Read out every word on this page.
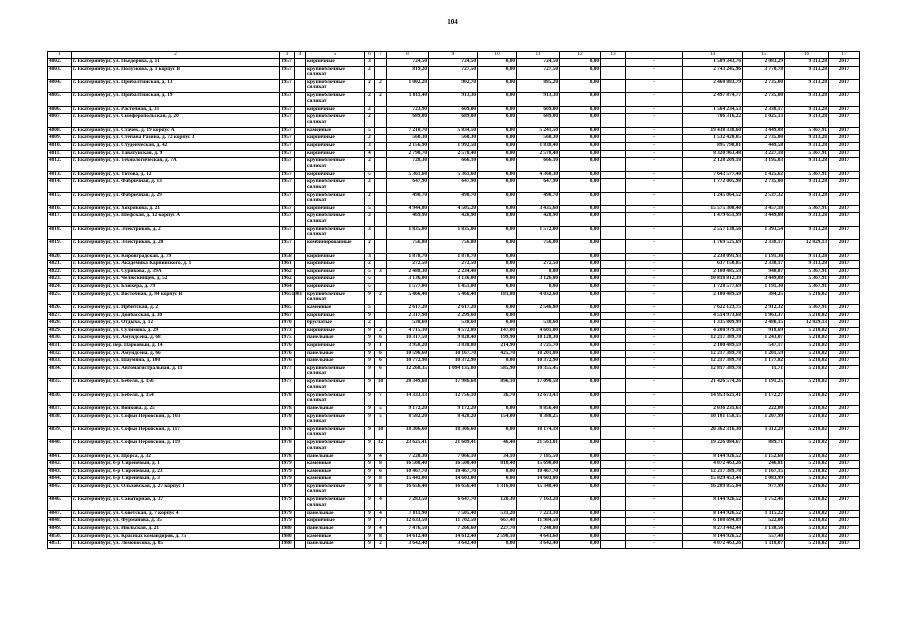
104
1	2	3	4	5	6	7	8	9	10	11	12	13		14	15	16	17
4802.	г. Екатеринбург, ул. Пьедорова, д. 11	1957		кирпичные	3		724,50	724,50	0,00	724,50	0,00		-	1 509 343,76	2 083,29	9 313,28	2017
4803.	г. Екатеринбург, ул. Полуэкова, д. 1 корпус В	1957		крупноблочные силикат	2		819,20	727,50	0,00	727,50	0,00		-	2 743 245,96	3 770,78	9 313,28	2017
4804.	г. Екатеринбург, ул. Прибалтийская, д. 13	1957		крупноблочные силикат	2	2	1 002,20	902,70	0,00	885,20	0,00		-	2 468 883,79	2 735,00	9 313,28	2017
4805.	г. Екатеринбург, ул. Прибалтийская, д. 19	1957		крупноблочные силикат	2	2	1 011,40	913,30	0,00	913,30	0,00		-	2 497 874,77	2 735,00	9 313,28	2017
4806.	г. Екатеринбург, ул. Расточная, д. 31	1957		кирпичные	2		723,90	669,00	0,00	669,00	0,00		-	1 564 234,53	2 338,17	9 313,28	2017
4807.	г. Екатеринбург, ул. Симферопольская, д. 20	1957		крупноблочные силикат	2		689,00	689,00	0,00	689,00	0,00		-	706 316,22	1 025,13	9 313,28	2017
4808.	г. Екатеринбург, ул. Стачек, д. 19 корпус А	1957		каменные	5		7 218,70	5 834,50	0,00	5 241,50	0,00		-	19 438 338,60	3 449,88	5 367,91	2017
4809.	г. Екатеринбург, ул. Степана Разина, д. 72 корпус 3	1957		кирпичные	2		560,30	560,30	0,00	560,30	0,00		-	1 532 420,05	2 735,00	9 313,28	2017
4810.	г. Екатеринбург, ул. Студенческая, д. 42	1957		кирпичные	3		2 156,90	1 992,50	0,00	1 838,40	0,00		-	895 798,01	449,58	9 313,28	2017
4811.	г. Екатеринбург, ул. Таватуйская, д. 9	1957		кирпичные	4		2 790,70	2 578,40	0,00	2 578,40	0,00		-	8 320 963,48	3 227,18	5 367,91	2017
4812.	г. Екатеринбург, ул. Технологическая, д. 7А	1957		крупноблочные силикат	2		728,30	666,10	0,00	666,10	0,00		-	2 128 209,18	3 195,03	9 313,28	2017
4813.	г. Екатеринбург, ул. Титова, д. 12	1957		кирпичные	5		5 361,60	5 361,60	0,00	4 360,30	0,00		-	7 643 577,40	1 425,62	5 367,91	2017
4814.	г. Екатеринбург, ул. Фабричная, д. 13	1957		крупноблочные силикат	2		647,90	647,90	0,00	647,90	0,00		-	1 772 005,98	2 735,00	9 313,28	2017
4815.	г. Екатеринбург, ул. Фабричная, д. 29	1957		крупноблочные силикат	2		490,70	490,70	0,00	490,70	0,00		-	1 245 064,52	2 537,32	9 313,28	2017
4816.	г. Екатеринбург, ул. Хохрякова, д. 21	1957		кирпичные	5		4 944,80	4 505,20	0,00	3 435,60	0,00		-	15 575 300,40	3 457,18	5 367,91	2017
4817.	г. Екатеринбург, ул. Шефская, д. 12 корпус А	1957		крупноблочные силикат	2		469,90	428,90	0,00	428,90	0,00		-	1 479 651,99	3 449,88	9 313,28	2017
4818.	г. Екатеринбург, ул. Электриков, д. 2	1957		крупноблочные силикат	3		1 835,00	1 835,00	0,00	1 572,00	0,00		-	2 557 138,56	1 393,54	9 313,28	2017
4819.	г. Екатеринбург, ул. Электриков, д. 20	1957		комбинированные	2		756,80	756,80	0,00	756,80	0,00		-	1 769 525,69	2 338,17	12 829,13	2017
4820.	г. Екатеринбург, ул. Кировградская, д. 79	1958		кирпичные	3		1 878,70	1 878,70	0,00		0,00		-	2 238 091,93	1 191,30	9 313,28	2017
4821.	г. Екатеринбург, ул. Академика Карпинского, д. 1	1961		кирпичные	2		272,50	272,50	0,00	272,50	0,00		-	637 150,85	2 338,17	9 313,28	2017
4822.	г. Екатеринбург, ул. Сурикова, д. 39А	1962		кирпичные	5	3	2 488,30	2 234,40	0,00	0,00	0,00		-	2 100 485,59	940,07	5 367,91	2017
4823.	г. Екатеринбург, ул. Челюскинцев, д. 52	1962		кирпичные	5		3 136,00	3 136,00	0,00	3 126,00	0,00		-	10 818 812,39	3 449,88	5 367,91	2017
4824.	г. Екатеринбург, ул. Блюхера, д. 79	1964		кирпичные	5		1 577,00	1 451,00	0,00	0,00	0,00		-	1 728 577,69	1 191,30	5 367,91	2017
4825.	г. Екатеринбург, ул. Восточная, д. 84 корпус В	19651981		крупноблочные силикат	9	2	5 466,40	5 466,40	181,80	4 032,60	0,00		-	2 100 489,59	384,25	5 218,02	2017
4826.	г. Екатеринбург, ул. Ирбитская, д. 2	1965		каменные	5		2 617,20	2 617,20	0,00	2 546,80	0,00		-	7 622 123,75	2 912,32	5 367,91	2017
4827.	г. Екатеринбург, ул. Донбасская, д. 30	1967		кирпичные	9		2 317,90	2 299,60	0,00		0,00		-	4 514 973,68	1 963,37	5 218,02	2017
4828.	г. Екатеринбург, ул. Отдыха, д. 12	1970		брусчатые	2		538,60	538,60	0,00	538,60	0,00		-	1 335 809,99	2 480,15	12 829,13	2017
4829.	г. Екатеринбург, ул. Сулимова, д. 29	1973		кирпичные	9	2	4 715,10	4 572,80	147,00	4 601,00	0,00		-	4 200 979,18	918,69	5 218,02	2017
4830.	г. Екатеринбург, ул. Амундсена, д. 68	1975		панельные	9	6	10 317,50	9 828,40	199,90	10 128,30	0,00		-	12 217 389,78	1 243,07	5 218,02	2017
4831.	г. Екатеринбург, пер. Парковый, д. 14	1976		кирпичные	9	1	3 958,20	3 838,80	214,90	3 725,70	0,00		-	2 100 489,59	547,17	5 218,02	2017
4832.	г. Екатеринбург, ул. Амундсена, д. 66	1976		панельные	9	6	10 596,60	10 167,70	425,70	10 201,80	0,00		-	12 217 389,78	1 201,59	5 218,02	2017
4833.	г. Екатеринбург, ул. Шаумяна, д. 100	1976		панельные	9	6	10 772,90	10 372,90	0,00	10 372,90	0,00		-	12 217 389,78	1 177,82	5 218,02	2017
4834.	г. Екатеринбург, ул. Автомагистральная, д. 11	1977		крупноблочные силикат	9	6	12 268,35	1 094 135,00	585,90	10 355,45	0,00		-	12 817 389,78	11,71	5 218,02	2017
4835.	г. Екатеринбург, ул. Бебеля, д. 156	1977		крупноблочные силикат	9	10	20 349,68	17 986,68	896,10	17 090,58	0,00		-	21 426 574,26	1 191,25	5 218,02	2017
4836.	г. Екатеринбург, ул. Бебеля, д. 154	1978		крупноблочные силикат	9	7	14 333,13	12 756,10	36,70	12 673,43	0,00		-	14 953 621,41	1 172,27	5 218,02	2017
4837.	г. Екатеринбург, ул. Войкова, д. 25	1978		панельные	9	5	9 172,20	9 172,20	0,00	8 856,40	0,00		-	2 036 231,63	222,00	5 218,02	2017
4838.	г. Екатеринбург, ул. Софьи Перовской, д. 103	1978		крупноблочные силикат	9	5	8 582,20	8 428,20	154,00	8 388,25	0,00		-	10 181 158,15	1 207,99	5 218,02	2017
4839.	г. Екатеринбург, ул. Софьи Перовской, д. 117	1978		крупноблочные силикат	9	10	18 306,60	18 306,60	0,00	18 174,18	0,00		-	20 362 316,30	1 112,29	5 218,02	2017
4840.	г. Екатеринбург, ул. Софьи Перовской, д. 119	1978		крупноблочные силикат	9	12	23 625,41	21 609,41	46,40	21 563,01	0,00		-	19 226 084,67	889,71	5 218,02	2017
4841.	г. Екатеринбург, ул. Щорса, д. 32	1978		панельные	9	4	7 220,30	7 066,10	34,10	7 185,50	0,00		-	8 144 926,52	1 152,68	5 218,02	2017
4842.	г. Екатеринбург, б-р Сиреневый, д. 1	1979		каменные	9	8	16 500,40	16 500,40	810,40	15 690,00	0,00		-	4 072 463,26	246,81	5 218,02	2017
4843.	г. Екатеринбург, б-р Сиреневый, д. 23	1979		каменные	9	6	10 467,70	10 467,70	0,00	10 467,70	0,00		-	12 217 389,78	1 167,15	5 218,02	2017
4844.	г. Екатеринбург, б-р Сиреневый, д. 3	1979		каменные	9	8	15 441,00	14 603,00	0,00	14 603,00	0,00		-	15 829 453,44	1 083,99	5 218,02	2017
4845.	г. Екатеринбург, ул. Ольховская, д. 27 корпус 1	1979		крупноблочные силикат	9	8	16 656,40	16 656,40	1 316,00	15 340,40	0,00		-	16 289 855,04	977,99	5 218,02	2017
4846.	г. Екатеринбург, ул. Санаторная, д. 37	1979		крупноблочные силикат	9	4	7 283,50	6 647,70	120,30	7 163,20	0,00		-	8 144 926,52	1 752,46	5 218,02	2017
4847.	г. Екатеринбург, ул. Советская, д. 7 корпус 4	1979		панельные	9	4	7 811,90	7 505,40	531,20	7 223,10	0,00		-	8 144 926,52	1 115,22	5 218,02	2017
4848.	г. Екатеринбург, ул. Фурманова, д. 35	1979		кирпичные	9	7	12 633,50	11 702,50	667,40	11 984,50	0,00		-	6 108 694,89	522,00	5 218,02	2017
4849.	г. Екатеринбург, ул. Июльская, д. 21	1980		панельные	9	4	7 476,50	7 266,60	227,70	7 248,80	0,00		-	8 273 442,44	1 138,56	5 218,02	2017
4850.	г. Екатеринбург, ул. Красных командиров, д. 75	1980		каменные	9	8	14 612,40	14 612,40	2 590,10	4 643,60	0,00		-	8 144 926,52	557,40	5 218,02	2017
4851.	г. Екатеринбург, ул. Ломоносова, д. 85	1980		панельные	9	2	3 642,40	3 642,40	0,00	3 642,40	0,00		-	4 072 463,26	1 118,07	5 218,02	2017
